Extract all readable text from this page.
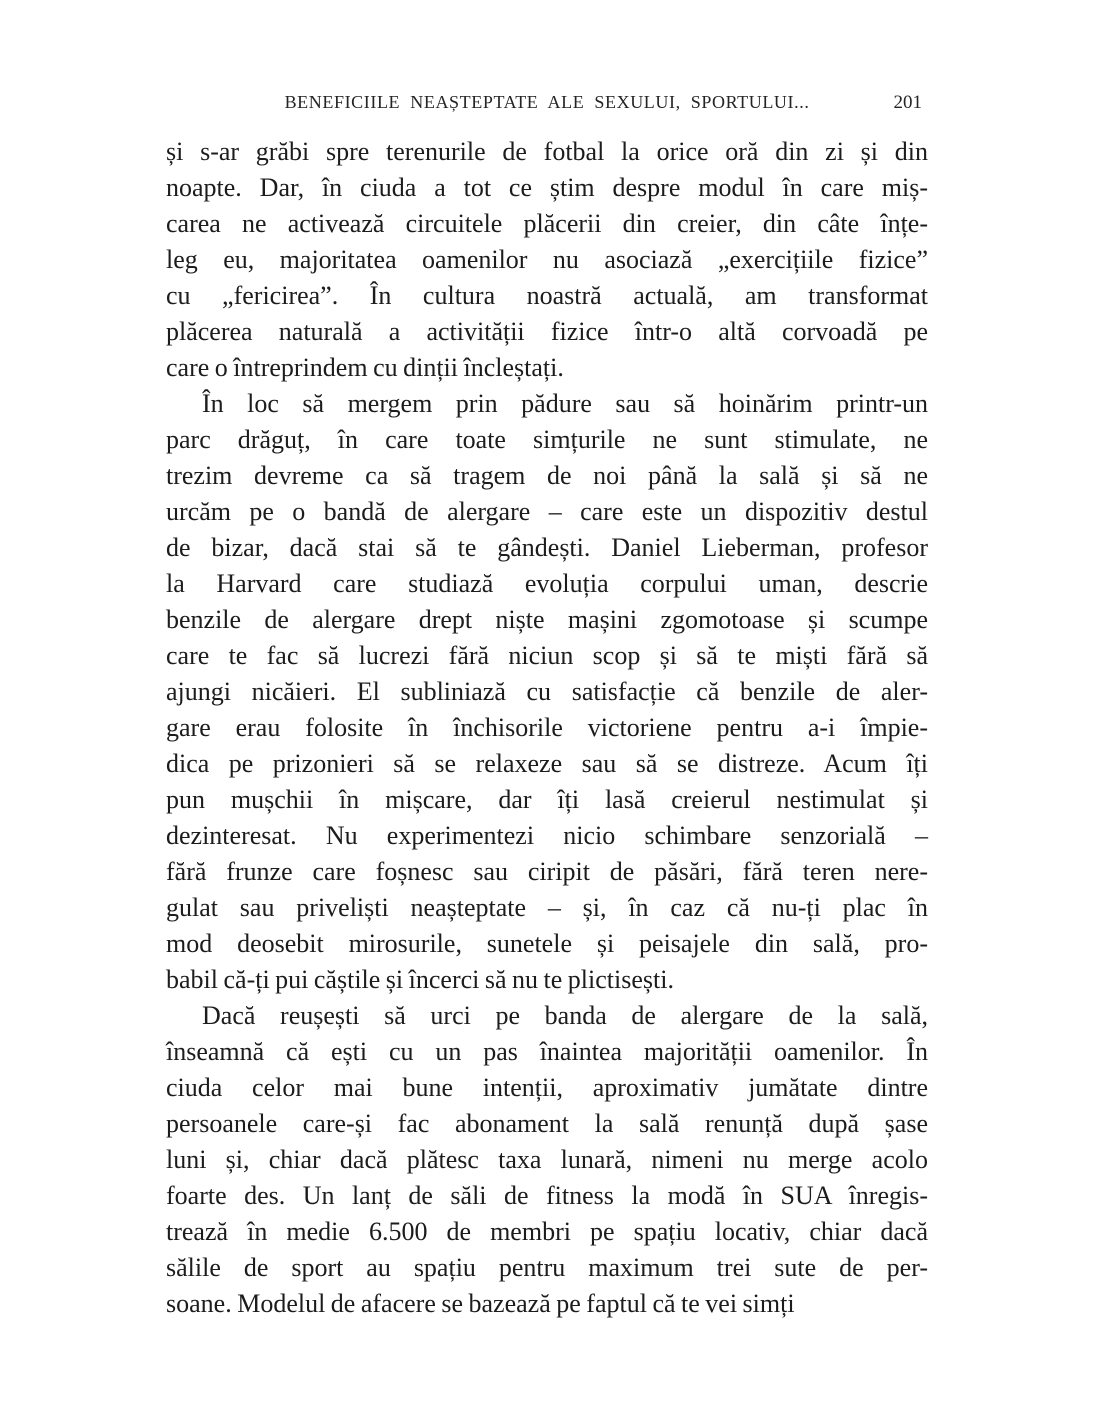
BENEFICIILE NEAȘTEPTATE ALE SEXULUI, SPORTULUI...	201
și s-ar grăbi spre terenurile de fotbal la orice oră din zi și din
noapte. Dar, în ciuda a tot ce știm despre modul în care miș-
carea ne activează circuitele plăcerii din creier, din câte înțe-
leg eu, majoritatea oamenilor nu asociază „exercițiile fizice”
cu „fericirea”. În cultura noastră actuală, am transformat
plăcerea naturală a activității fizice într-o altă corvoadă pe
care o întreprindem cu dinții încleștați.
În loc să mergem prin pădure sau să hoinărim printr-un
parc drăguț, în care toate simțurile ne sunt stimulate, ne
trezim devreme ca să tragem de noi până la sală și să ne
urcăm pe o bandă de alergare – care este un dispozitiv destul
de bizar, dacă stai să te gândești. Daniel Lieberman, profesor
la Harvard care studiază evoluția corpului uman, descrie
benzile de alergare drept niște mașini zgomotoase și scumpe
care te fac să lucrezi fără niciun scop și să te miști fără să
ajungi nicăieri. El subliniază cu satisfacție că benzile de aler-
gare erau folosite în închisorile victoriene pentru a-i împie-
dica pe prizonieri să se relaxeze sau să se distreze. Acum îți
pun mușchii în mișcare, dar îți lasă creierul nestimulat și
dezinteresat. Nu experimentezi nicio schimbare senzorială –
fără frunze care foșnesc sau ciripit de păsări, fără teren nere-
gulat sau priveliști neașteptate – și, în caz că nu-ți plac în
mod deosebit mirosurile, sunetele și peisajele din sală, pro-
babil că-ți pui căștile și încerci să nu te plictisești.
Dacă reușești să urci pe banda de alergare de la sală,
înseamnă că ești cu un pas înaintea majorității oamenilor. În
ciuda celor mai bune intenții, aproximativ jumătate dintre
persoanele care-și fac abonament la sală renunță după șase
luni și, chiar dacă plătesc taxa lunară, nimeni nu merge acolo
foarte des. Un lanț de săli de fitness la modă în SUA înregis-
trează în medie 6.500 de membri pe spațiu locativ, chiar dacă
sălile de sport au spațiu pentru maximum trei sute de per-
soane. Modelul de afacere se bazează pe faptul că te vei simți
